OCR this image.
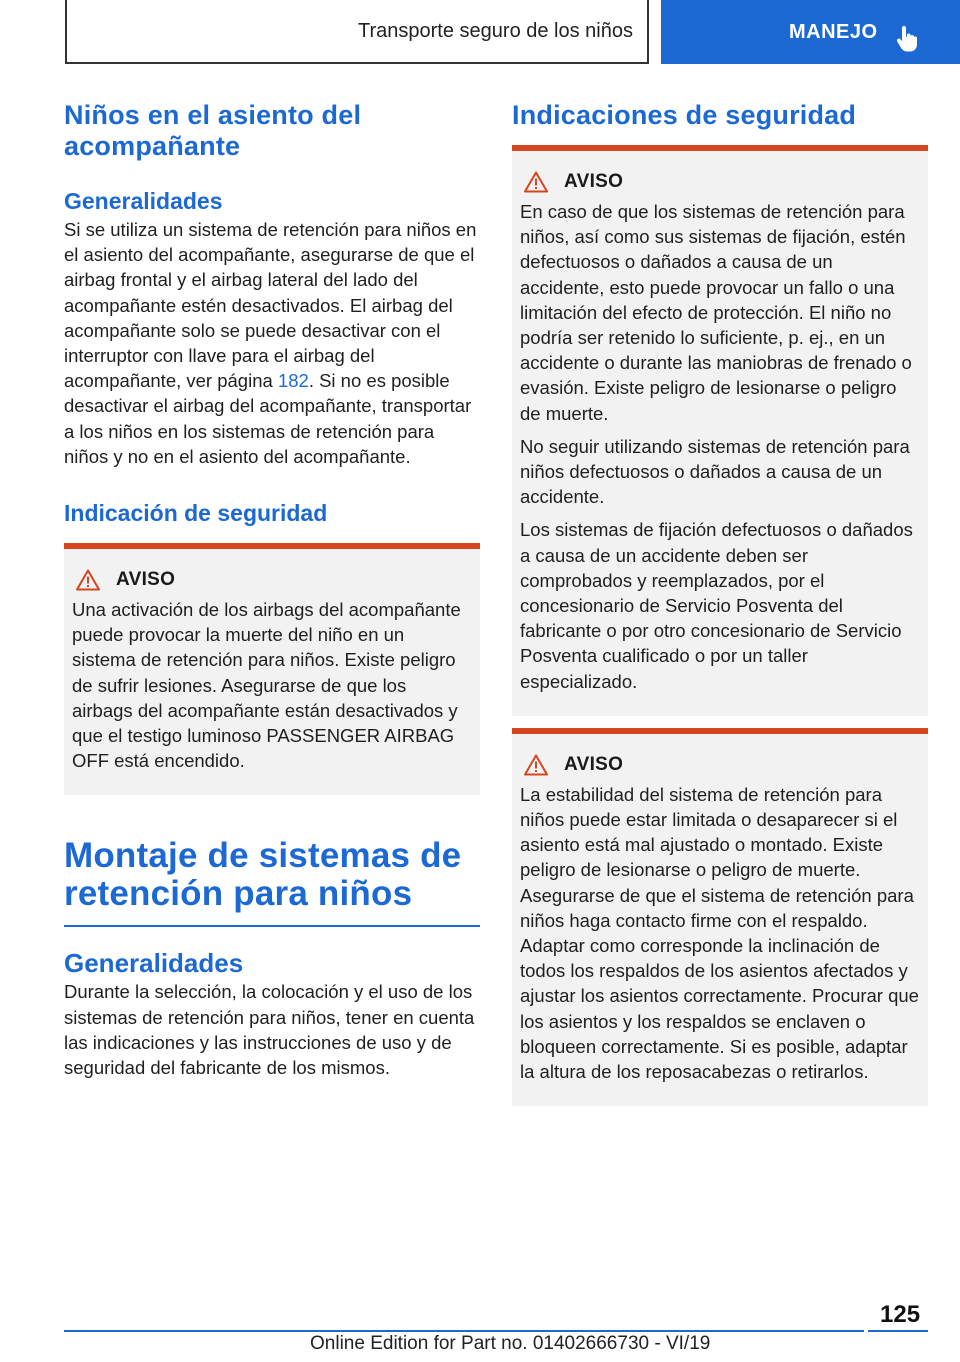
Transporte seguro de los niños	MANEJO
Niños en el asiento del acompañante
Generalidades

Si se utiliza un sistema de retención para niños en el asiento del acompañante, asegurarse de que el airbag frontal y el airbag lateral del lado del acompañante estén desactivados. El airbag del acompañante solo se puede desactivar con el interruptor con llave para el airbag del acompañante, ver página 182. Si no es posible desactivar el airbag del acompañante, transportar a los niños en los sistemas de retención para niños y no en el asiento del acompañante.

Indicación de seguridad
AVISO

Una activación de los airbags del acompañante puede provocar la muerte del niño en un sistema de retención para niños. Existe peligro de sufrir lesiones. Asegurarse de que los airbags del acompañante están desactivados y que el testigo luminoso PASSENGER AIRBAG OFF está encendido.

Montaje de sistemas de retención para niños
Generalidades

Durante la selección, la colocación y el uso de los sistemas de retención para niños, tener en cuenta las indicaciones y las instrucciones de uso y de seguridad del fabricante de los mismos.

Indicaciones de seguridad
AVISO

En caso de que los sistemas de retención para niños, así como sus sistemas de fijación, estén defectuosos o dañados a causa de un accidente, esto puede provocar un fallo o una limitación del efecto de protección. El niño no podría ser retenido lo suficiente, p. ej., en un accidente o durante las maniobras de frenado o evasión. Existe peligro de lesionarse o peligro de muerte.

No seguir utilizando sistemas de retención para niños defectuosos o dañados a causa de un accidente.

Los sistemas de fijación defectuosos o dañados a causa de un accidente deben ser comprobados y reemplazados, por el concesionario de Servicio Posventa del fabricante o por otro concesionario de Servicio Posventa cualificado o por un taller especializado.

AVISO

La estabilidad del sistema de retención para niños puede estar limitada o desaparecer si el asiento está mal ajustado o montado. Existe peligro de lesionarse o peligro de muerte. Asegurarse de que el sistema de retención para niños haga contacto firme con el respaldo. Adaptar como corresponde la inclinación de todos los respaldos de los asientos afectados y ajustar los asientos correctamente. Procurar que los asientos y los respaldos se enclaven o bloqueen correctamente. Si es posible, adaptar la altura de los reposacabezas o retirarlos.

125
Online Edition for Part no. 01402666730 - VI/19
